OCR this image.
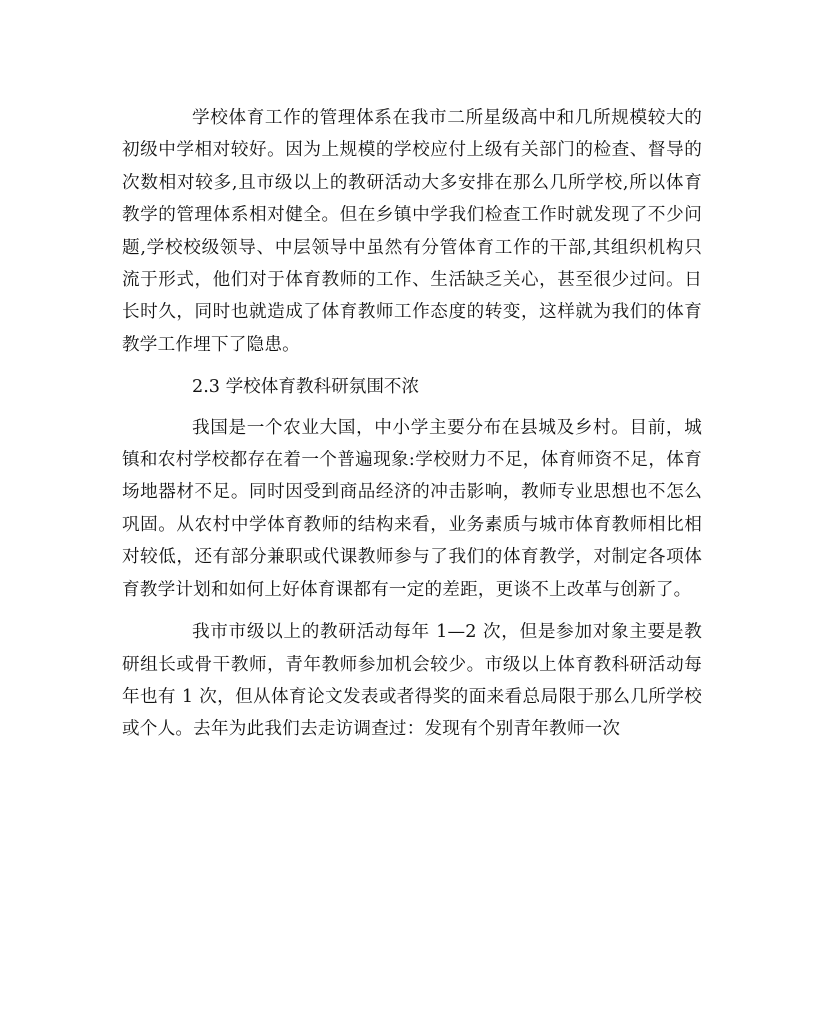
学校体育工作的管理体系在我市二所星级高中和几所规模较大的初级中学相对较好。因为上规模的学校应付上级有关部门的检查、督导的次数相对较多,且市级以上的教研活动大多安排在那么几所学校,所以体育教学的管理体系相对健全。但在乡镇中学我们检查工作时就发现了不少问题,学校校级领导、中层领导中虽然有分管体育工作的干部,其组织机构只流于形式，他们对于体育教师的工作、生活缺乏关心，甚至很少过问。日长时久，同时也就造成了体育教师工作态度的转变，这样就为我们的体育教学工作埋下了隐患。

2.3 学校体育教科研氛围不浓

我国是一个农业大国，中小学主要分布在县城及乡村。目前，城镇和农村学校都存在着一个普遍现象:学校财力不足，体育师资不足，体育场地器材不足。同时因受到商品经济的冲击影响，教师专业思想也不怎么巩固。从农村中学体育教师的结构来看，业务素质与城市体育教师相比相对较低，还有部分兼职或代课教师参与了我们的体育教学，对制定各项体育教学计划和如何上好体育课都有一定的差距，更谈不上改革与创新了。

我市市级以上的教研活动每年 1—2 次，但是参加对象主要是教研组长或骨干教师，青年教师参加机会较少。市级以上体育教科研活动每年也有 1 次，但从体育论文发表或者得奖的面来看总局限于那么几所学校或个人。去年为此我们去走访调查过：发现有个别青年教师一次
